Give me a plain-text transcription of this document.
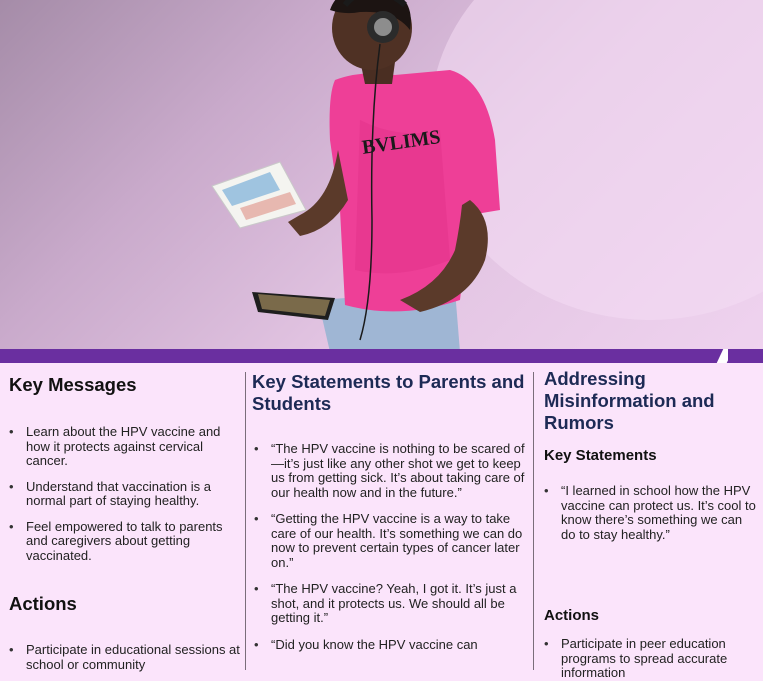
BVLIMS
Key Messages
• Learn about the HPV vaccine and how it protects against cervical cancer.
• Understand that vaccination is a normal part of staying healthy.
• Feel empowered to talk to parents and caregivers about getting vaccinated.
Actions
• Participate in educational sessions at school or community
Key Statements to Parents and Students
• “The HPV vaccine is nothing to be scared of—it’s just like any other shot we get to keep us from getting sick. It’s about taking care of our health now and in the future.”
• “Getting the HPV vaccine is a way to take care of our health. It’s something we can do now to prevent certain types of cancer later on.”
• “The HPV vaccine? Yeah, I got it. It’s just a shot, and it protects us. We should all be getting it.”
• “Did you know the HPV vaccine can
Addressing Misinformation and Rumors
Key Statements
• “I learned in school how the HPV vaccine can protect us. It’s cool to know there’s something we can do to stay healthy.”
Actions
• Participate in peer education programs to spread accurate information
